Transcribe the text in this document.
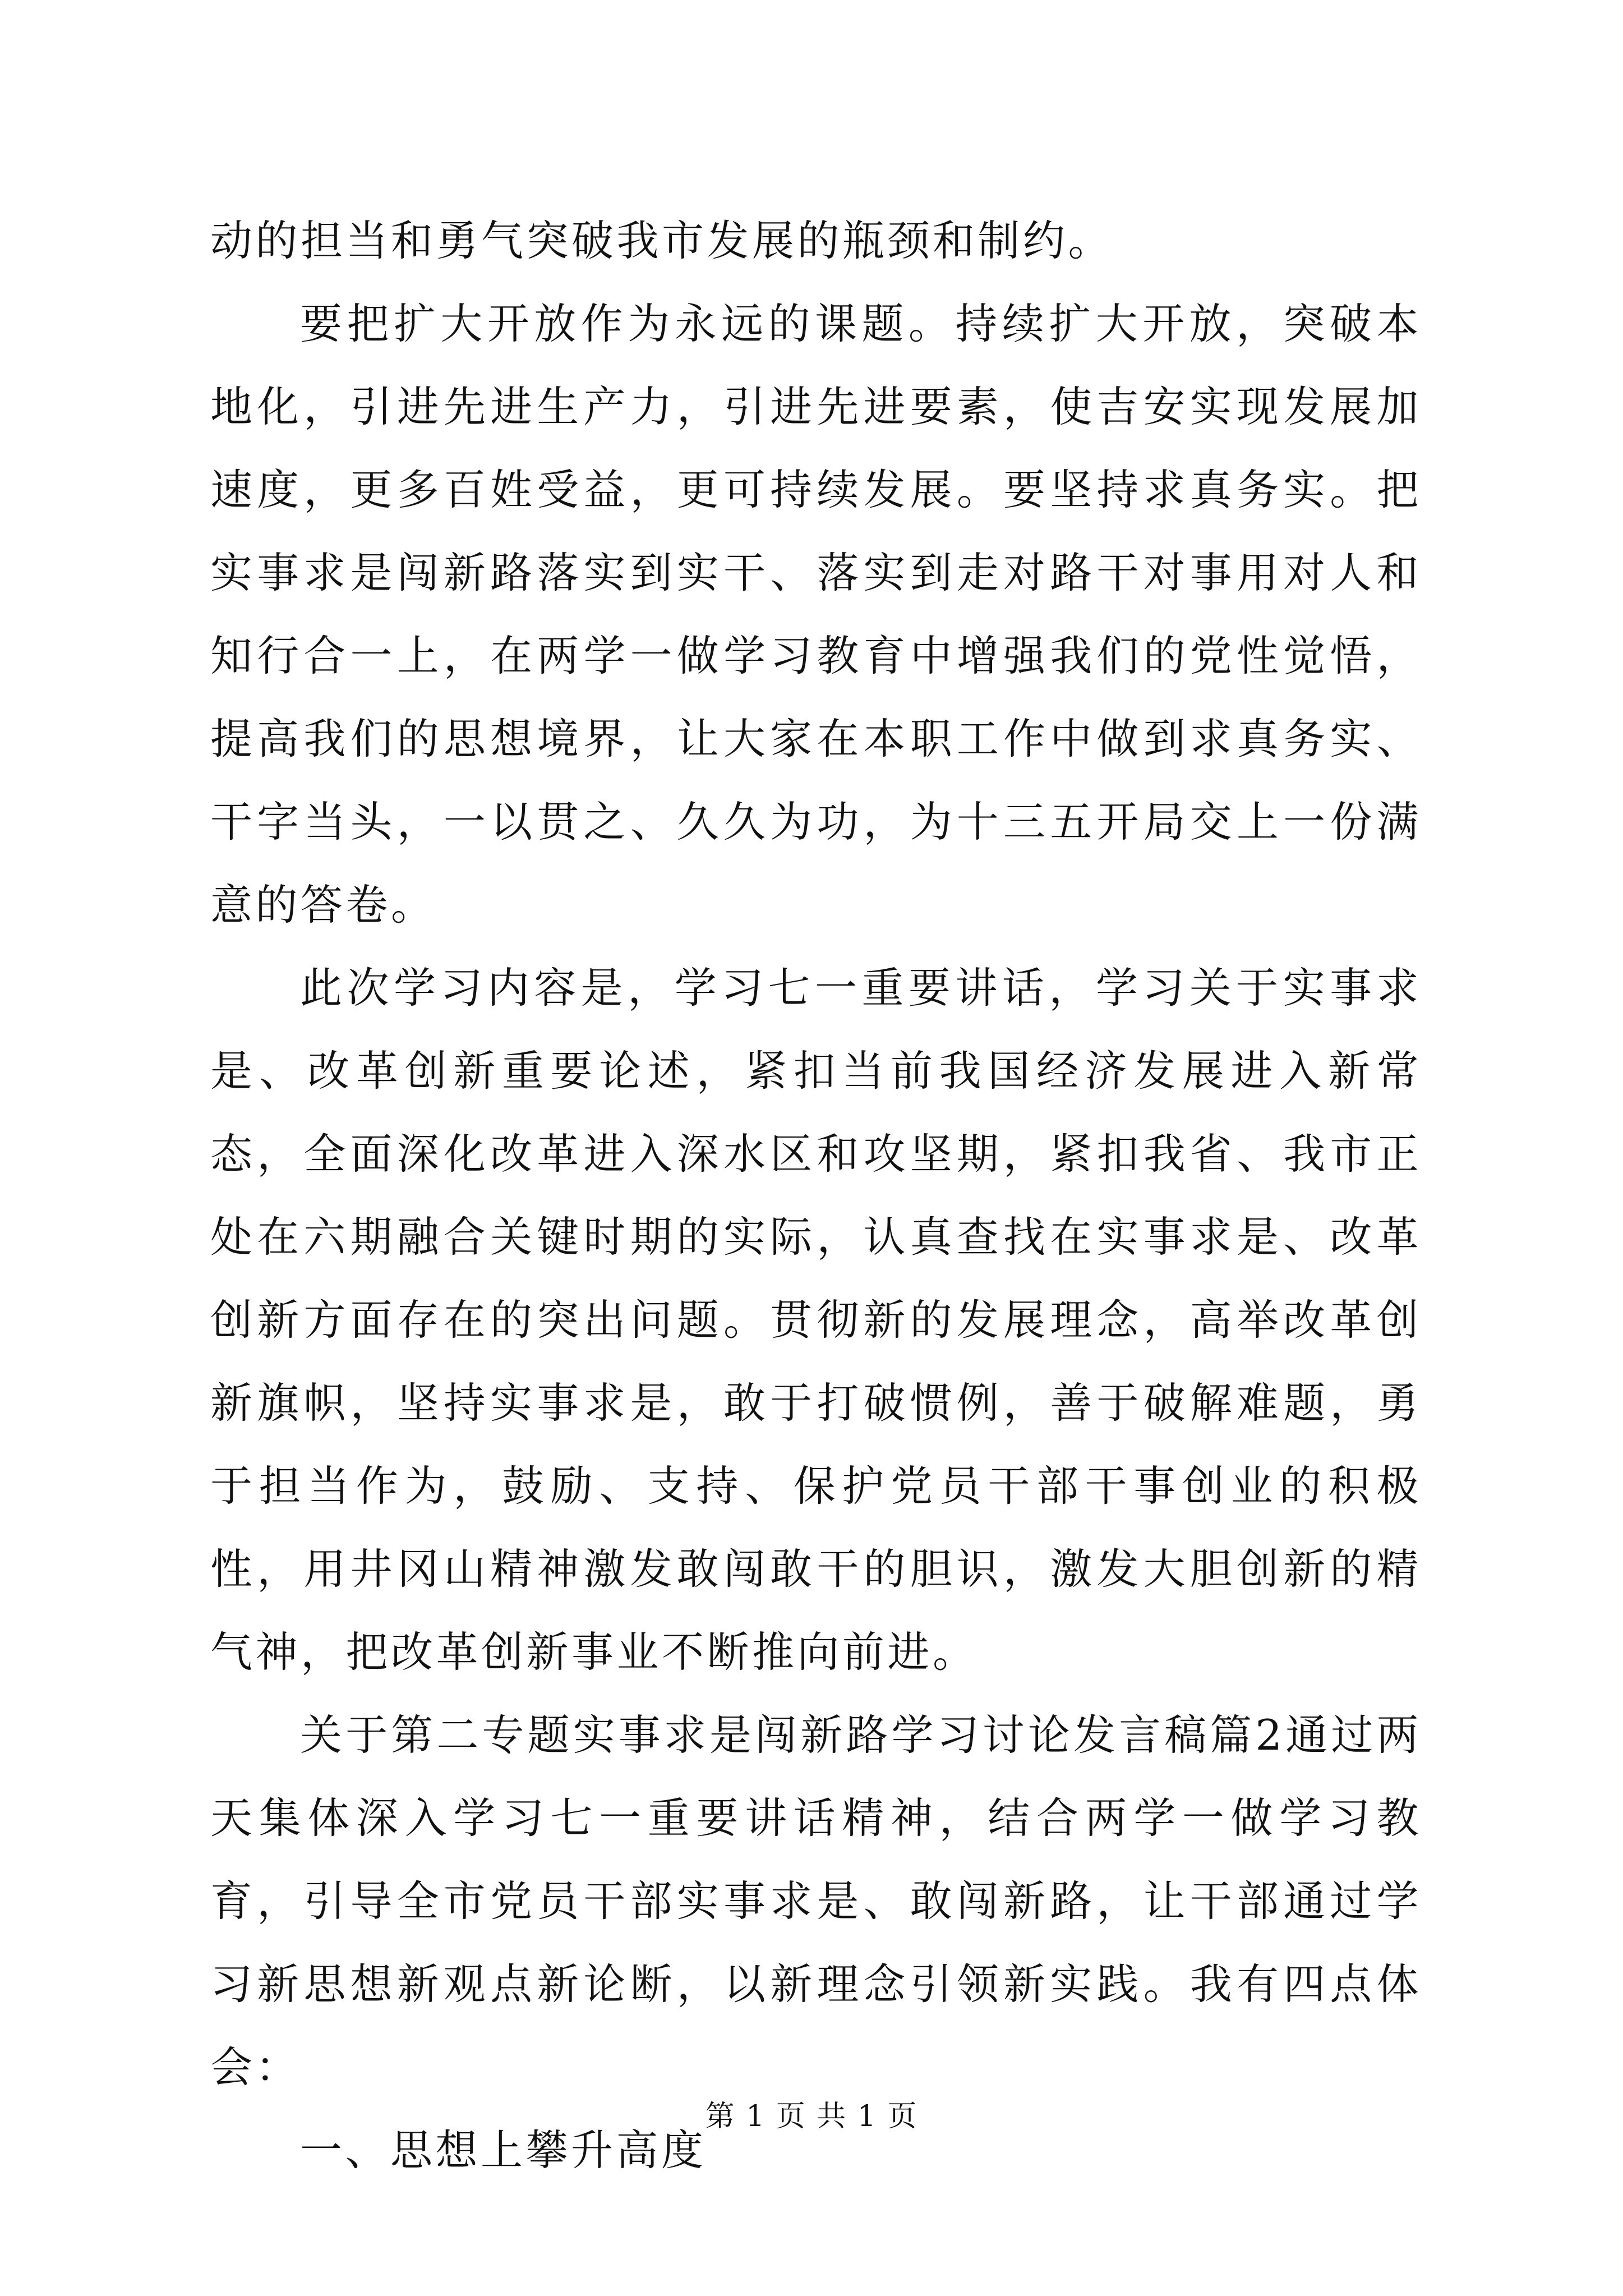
动的担当和勇气突破我市发展的瓶颈和制约。

要把扩大开放作为永远的课题。持续扩大开放，突破本地化，引进先进生产力，引进先进要素，使吉安实现发展加速度，更多百姓受益，更可持续发展。要坚持求真务实。把实事求是闯新路落实到实干、落实到走对路干对事用对人和知行合一上，在两学一做学习教育中增强我们的党性觉悟，提高我们的思想境界，让大家在本职工作中做到求真务实、干字当头，一以贯之、久久为功，为十三五开局交上一份满意的答卷。

此次学习内容是，学习七一重要讲话，学习关于实事求是、改革创新重要论述，紧扣当前我国经济发展进入新常态，全面深化改革进入深水区和攻坚期，紧扣我省、我市正处在六期融合关键时期的实际，认真查找在实事求是、改革创新方面存在的突出问题。贯彻新的发展理念，高举改革创新旗帜，坚持实事求是，敢于打破惯例，善于破解难题，勇于担当作为，鼓励、支持、保护党员干部干事创业的积极性，用井冈山精神激发敢闯敢干的胆识，激发大胆创新的精气神，把改革创新事业不断推向前进。

关于第二专题实事求是闯新路学习讨论发言稿篇2通过两天集体深入学习七一重要讲话精神，结合两学一做学习教育，引导全市党员干部实事求是、敢闯新路，让干部通过学习新思想新观点新论断，以新理念引领新实践。我有四点体会：

一、思想上攀升高度

第 1 页 共 1 页
